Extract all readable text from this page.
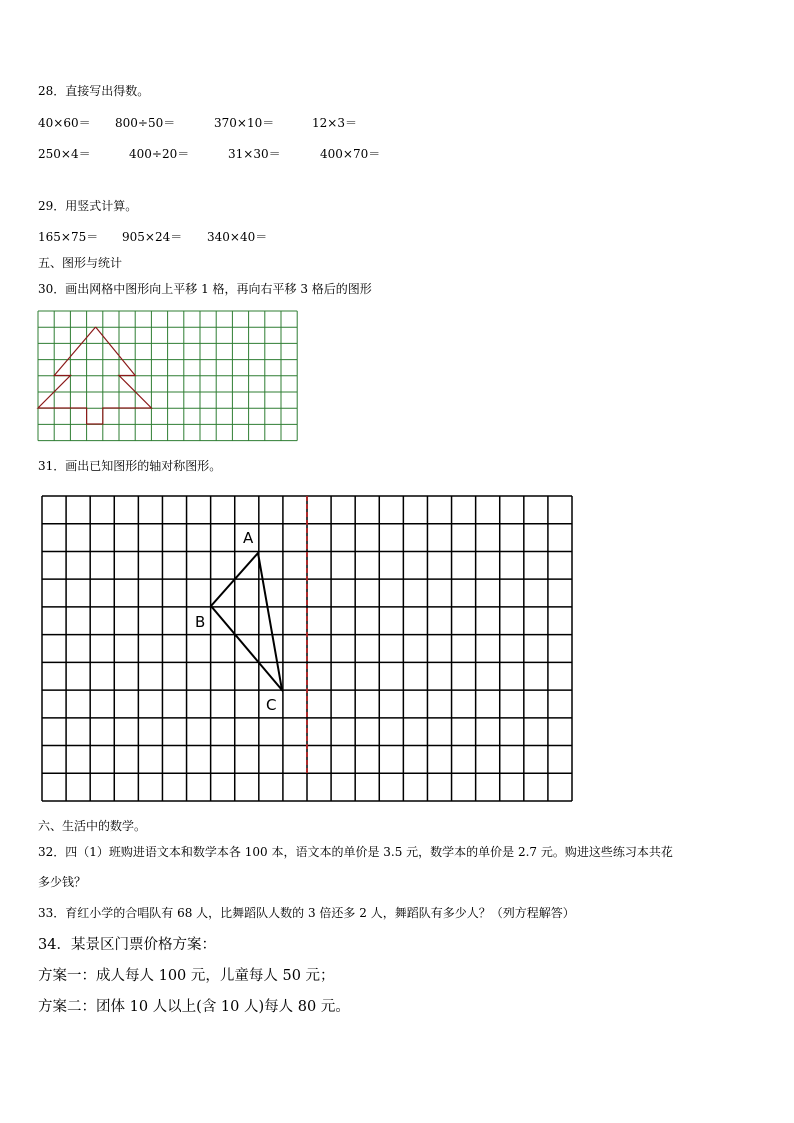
28．直接写出得数。
40×60＝ 800÷50＝	370×10＝	12×3＝
250×4＝	400÷20＝	31×30＝	400×70＝
29．用竖式计算。
165×75＝ 905×24＝ 340×40＝
五、图形与统计
30．画出网格中图形向上平移 1 格，再向右平移 3 格后的图形
31．画出已知图形的轴对称图形。
A
B
C
六、生活中的数学。
32．四（1）班购进语文本和数学本各 100 本，语文本的单价是 3.5 元，数学本的单价是 2.7 元。购进这些练习本共花
多少钱？
33．育红小学的合唱队有 68 人，比舞蹈队人数的 3 倍还多 2 人，舞蹈队有多少人？（列方程解答）
34．某景区门票价格方案：
方案一：成人每人 100 元，儿童每人 50 元；
方案二：团体 10 人以上(含 10 人)每人 80 元。
